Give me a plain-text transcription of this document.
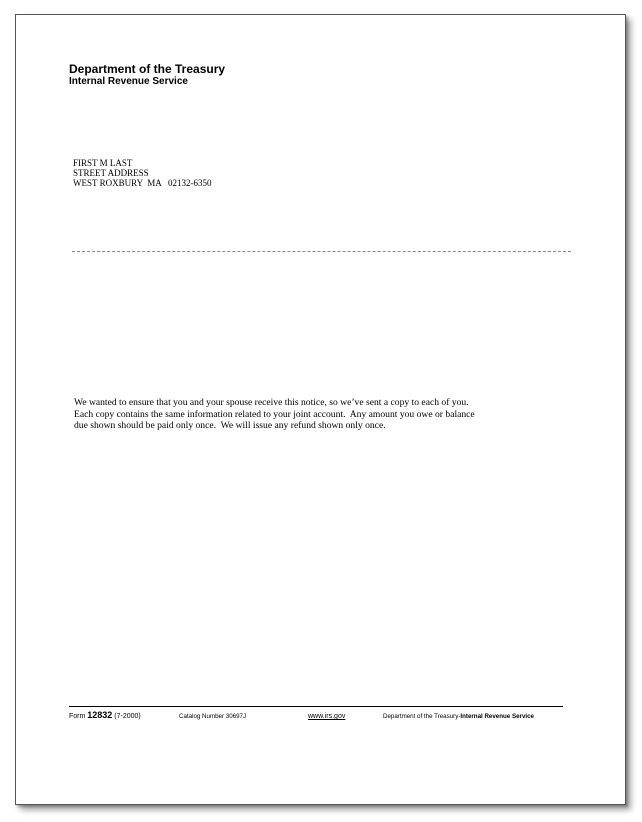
Department of the Treasury
Internal Revenue Service
FIRST M LAST
STREET ADDRESS
WEST ROXBURY  MA   02132-6350
We wanted to ensure that you and your spouse receive this notice, so we’ve sent a copy to each of you.
Each copy contains the same information related to your joint account.  Any amount you owe or balance
due shown should be paid only once.  We will issue any refund shown only once.
Form 12832 (7-2000)	Catalog Number 30697J	www.irs.gov	Department of the Treasury-Internal Revenue Service
